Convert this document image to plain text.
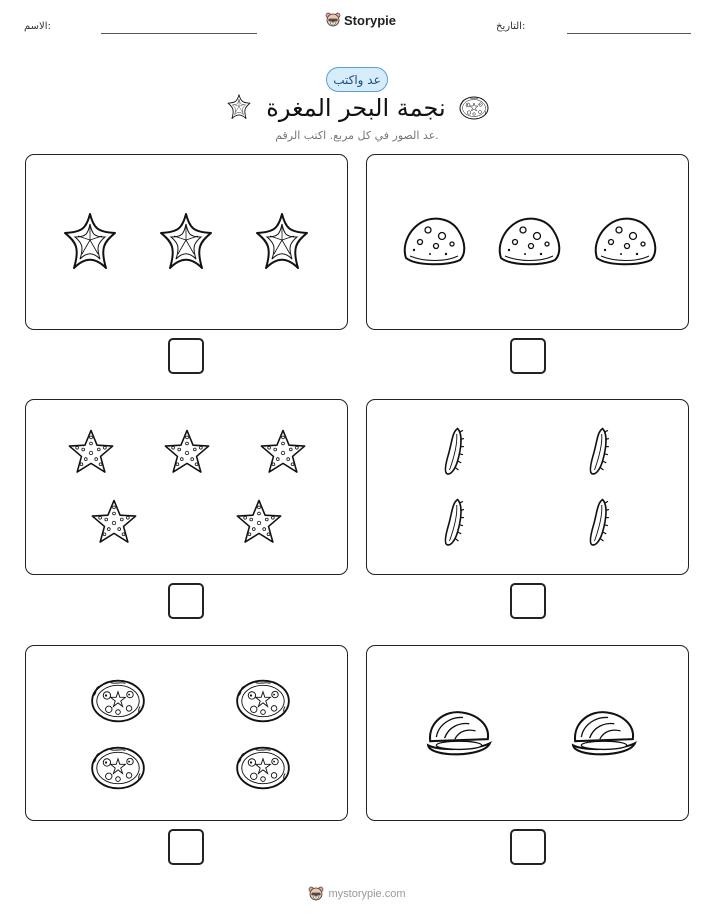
الاسم:	Storypie	التاريخ:
عد واكتب
نجمة البحر المغرة
عد الصور في كل مربع. اكتب الرقم.
mystorypie.com
